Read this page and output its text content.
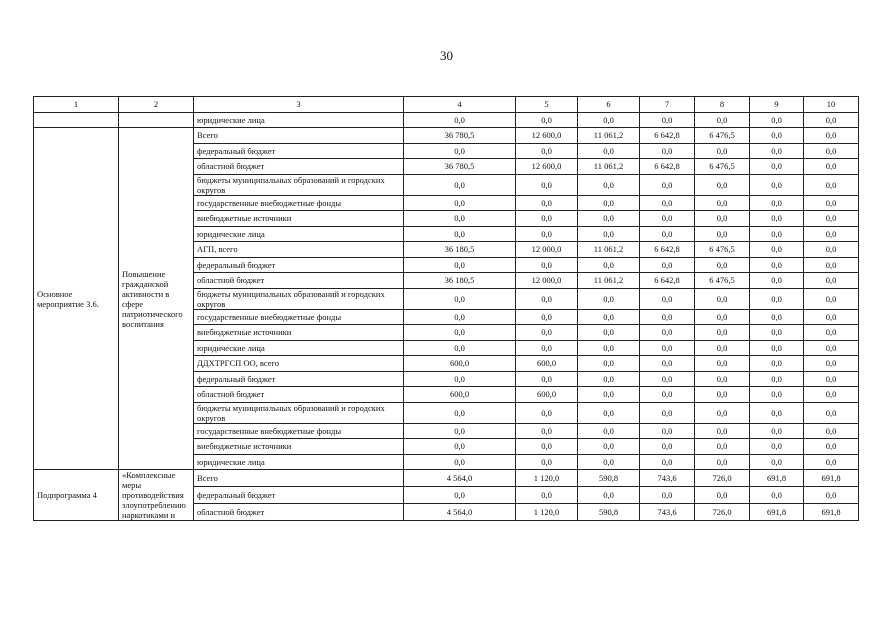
30
1	2	3	4	5	6	7	8	9	10
		юридические лица	0,0	0,0	0,0	0,0	0,0	0,0	0,0
Основное мероприятие 3.6.	Повышение гражданской активности в сфере патриотического воспитания	Всего	36 780,5	12 600,0	11 061,2	6 642,8	6 476,5	0,0	0,0
		федеральный бюджет	0,0	0,0	0,0	0,0	0,0	0,0	0,0
		областной бюджет	36 780,5	12 600,0	11 061,2	6 642,8	6 476,5	0,0	0,0
		бюджеты муниципальных образований и городских округов	0,0	0,0	0,0	0,0	0,0	0,0	0,0
		государственные внебюджетные фонды	0,0	0,0	0,0	0,0	0,0	0,0	0,0
		внебюджетные источники	0,0	0,0	0,0	0,0	0,0	0,0	0,0
		юридические лица	0,0	0,0	0,0	0,0	0,0	0,0	0,0
		АГП, всего	36 180,5	12 000,0	11 061,2	6 642,8	6 476,5	0,0	0,0
		федеральный бюджет	0,0	0,0	0,0	0,0	0,0	0,0	0,0
		областной бюджет	36 180,5	12 000,0	11 061,2	6 642,8	6 476,5	0,0	0,0
		бюджеты муниципальных образований и городских округов	0,0	0,0	0,0	0,0	0,0	0,0	0,0
		государственные внебюджетные фонды	0,0	0,0	0,0	0,0	0,0	0,0	0,0
		внебюджетные источники	0,0	0,0	0,0	0,0	0,0	0,0	0,0
		юридические лица	0,0	0,0	0,0	0,0	0,0	0,0	0,0
		ДДХТРГСП ОО, всего	600,0	600,0	0,0	0,0	0,0	0,0	0,0
		федеральный бюджет	0,0	0,0	0,0	0,0	0,0	0,0	0,0
		областной бюджет	600,0	600,0	0,0	0,0	0,0	0,0	0,0
		бюджеты муниципальных образований и городских округов	0,0	0,0	0,0	0,0	0,0	0,0	0,0
		государственные внебюджетные фонды	0,0	0,0	0,0	0,0	0,0	0,0	0,0
		внебюджетные источники	0,0	0,0	0,0	0,0	0,0	0,0	0,0
		юридические лица	0,0	0,0	0,0	0,0	0,0	0,0	0,0
Подпрограмма 4	«Комплексные меры противодействия злоупотреблению наркотиками и	Всего	4 564,0	1 120,0	590,8	743,6	726,0	691,8	691,8
		федеральный бюджет	0,0	0,0	0,0	0,0	0,0	0,0	0,0
		областной бюджет	4 564,0	1 120,0	590,8	743,6	726,0	691,8	691,8
